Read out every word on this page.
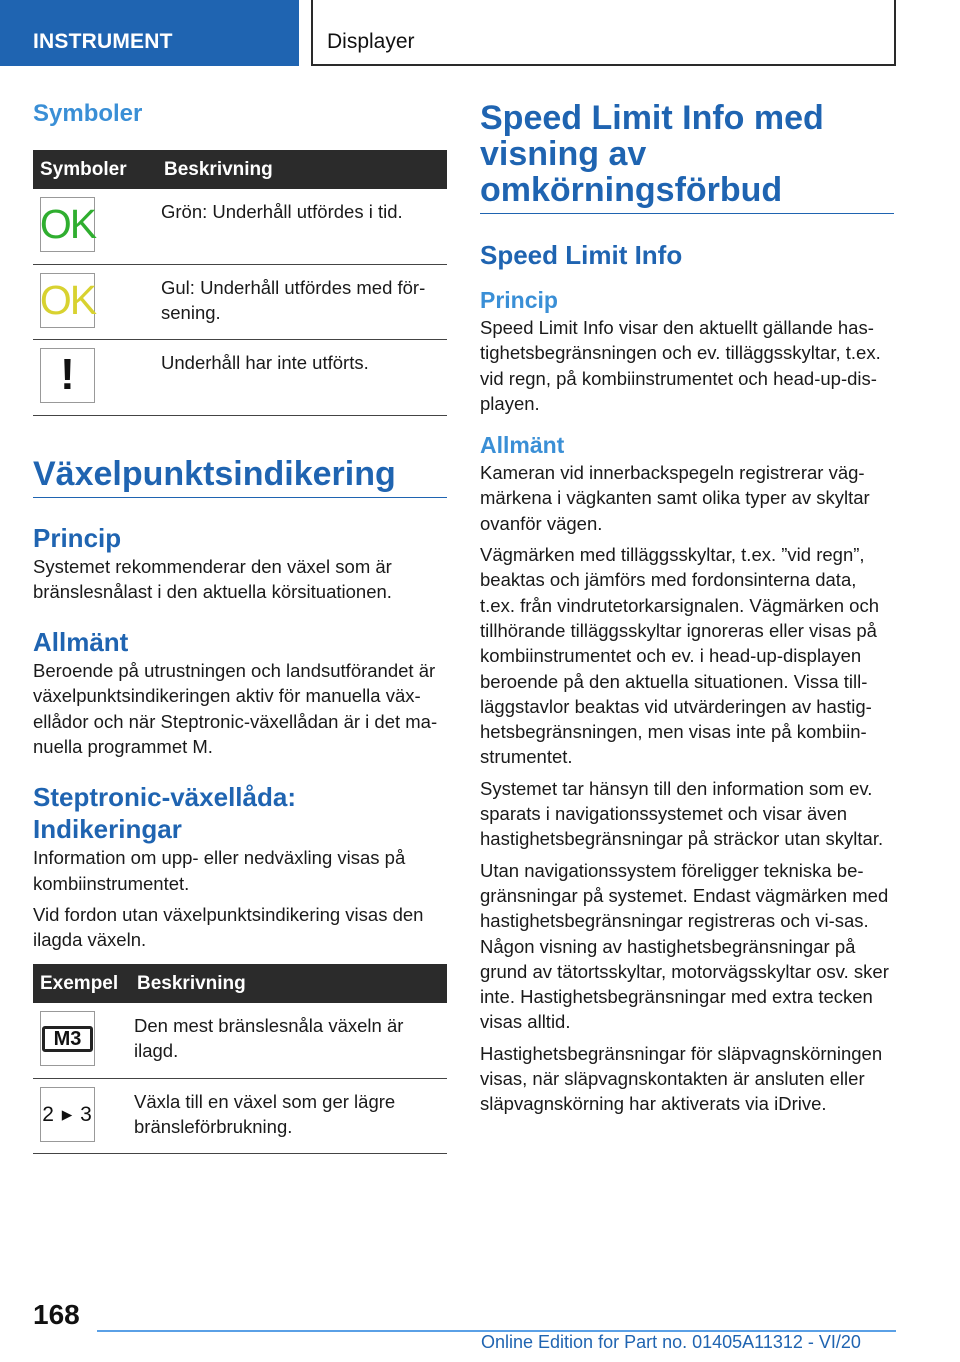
INSTRUMENT	Displayer
Symboler
Symboler	Beskrivning

OK	Grön: Underhåll utfördes i tid.

OK	Gul: Underhåll utfördes med för-sening.

!	Underhåll har inte utförts.
Växelpunktsindikering
Princip
Systemet rekommenderar den växel som är bränslesnålast i den aktuella körsituationen.
Allmänt
Beroende på utrustningen och landsutförandet är växelpunktsindikeringen aktiv för manuella väx-ellådor och när Steptronic-växellådan är i det ma-nuella programmet M.
Steptronic-växellåda: Indikeringar
Information om upp- eller nedväxling visas på kombiinstrumentet.
Vid fordon utan växelpunktsindikering visas den ilagda växeln.
Exempel	Beskrivning

M3	Den mest bränslesnåla växeln är ilagd.

2 ▸ 3	Växla till en växel som ger lägre bränsleförbrukning.
Speed Limit Info med visning av omkörningsförbud
Speed Limit Info
Princip
Speed Limit Info visar den aktuellt gällande has-tighetsbegränsningen och ev. tilläggsskyltar, t.ex. vid regn, på kombiinstrumentet och head-up-dis-playen.
Allmänt
Kameran vid innerbackspegeln registrerar väg-märkena i vägkanten samt olika typer av skyltar ovanför vägen.
Vägmärken med tilläggsskyltar, t.ex. ”vid regn”, beaktas och jämförs med fordonsinterna data, t.ex. från vindrutetorkarsignalen. Vägmärken och tillhörande tilläggsskyltar ignoreras eller visas på kombiinstrumentet och ev. i head-up-displayen beroende på den aktuella situationen. Vissa till-läggstavlor beaktas vid utvärderingen av hastig-hetsbegränsningen, men visas inte på kombiin-strumentet.
Systemet tar hänsyn till den information som ev. sparats i navigationssystemet och visar även hastighetsbegränsningar på sträckor utan skyltar.
Utan navigationssystem föreligger tekniska be-gränsningar på systemet. Endast vägmärken med hastighetsbegränsningar registreras och vi-sas. Någon visning av hastighetsbegränsningar på grund av tätortsskyltar, motorvägsskyltar osv. sker inte. Hastighetsbegränsningar med extra tecken visas alltid.
Hastighetsbegränsningar för släpvagnskörningen visas, när släpvagnskontakten är ansluten eller släpvagnskörning har aktiverats via iDrive.
168
Online Edition for Part no. 01405A11312 - VI/20
